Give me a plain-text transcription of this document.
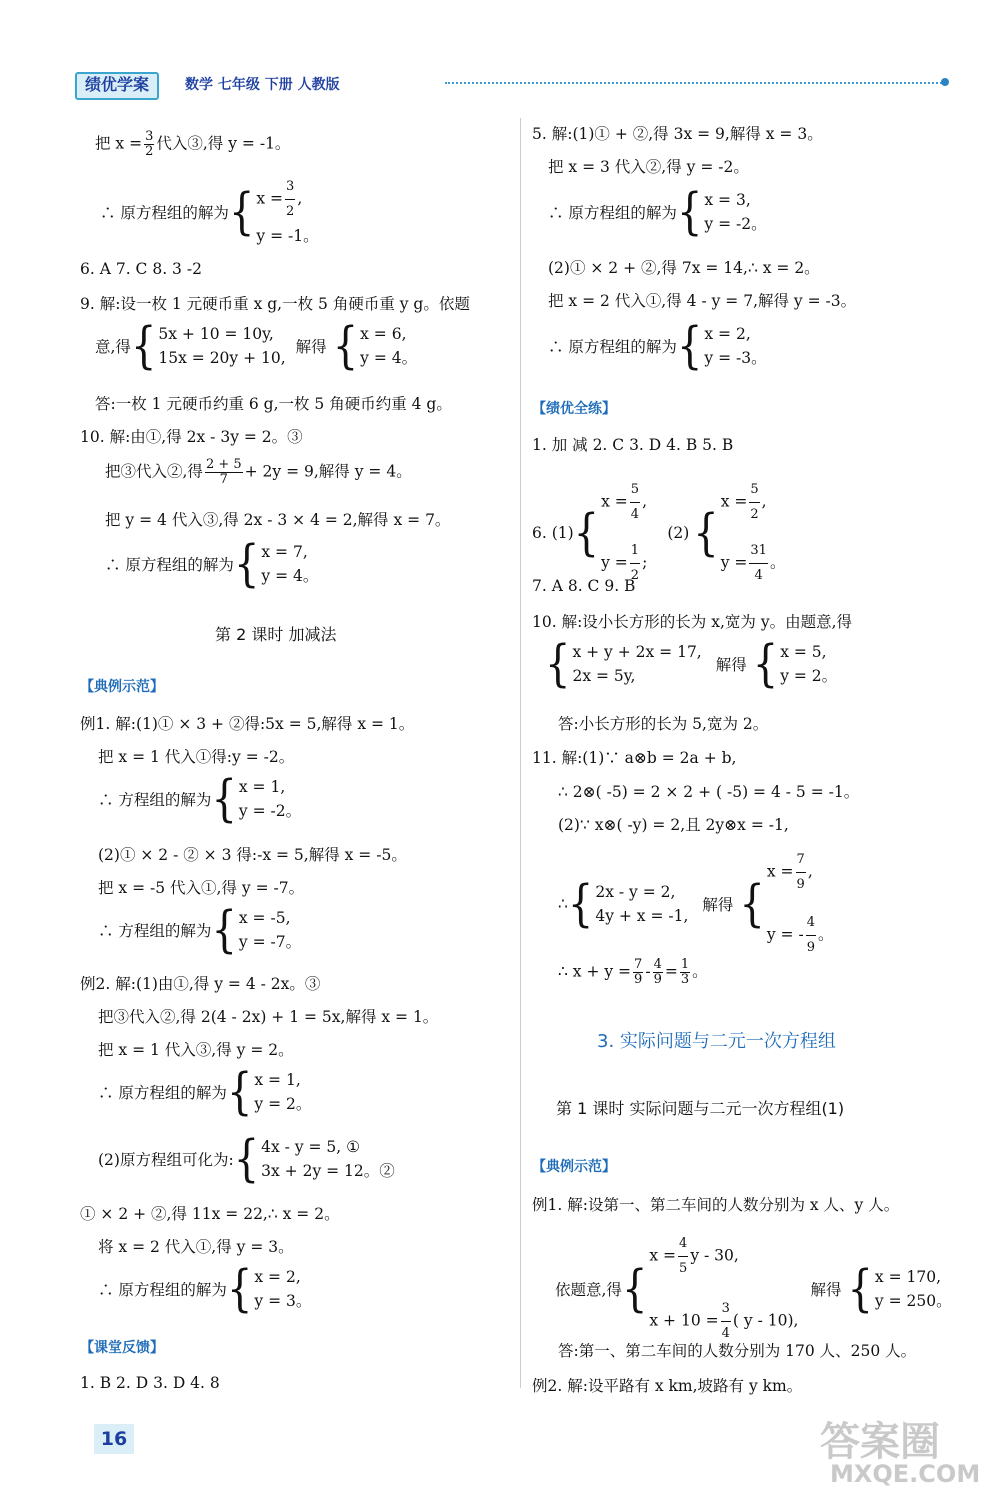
绩优学案	数学 七年级 下册 人教版
把 $x = \frac{3}{2}$ 代入③,得 y = -1。
∴ 原方程组的解为 { $x = \frac{3}{2}$ ,
y = -1。
6. A 7. C 8. 3 -2
9. 解:设一枚 1 元硬币重 x g,一枚 5 角硬币重 y g。依题
意,得 { 5x + 10 = 10y,
15x = 20y + 10,
解得 { x = 6,
y = 4。
答:一枚 1 元硬币约重 6 g,一枚 5 角硬币约重 4 g。
10. 解:由①,得 2x - 3y = 2。③
把③代入②,得 $\frac{2 + 5}{7} + 2y = 9$,解得 y = 4。
把 y = 4 代入③,得 2x - 3 × 4 = 2,解得 x = 7。
∴ 原方程组的解为 { x = 7,
y = 4。
第 2 课时 加减法
【典例示范】
例1. 解:(1)① × 3 + ②得:5x = 5,解得 x = 1。
把 x = 1 代入①得:y = -2。
∴ 方程组的解为 { x = 1,
y = -2。
(2)① × 2 - ② × 3 得:-x = 5,解得 x = -5。
把 x = -5 代入①,得 y = -7。
∴ 方程组的解为 { x = -5,
y = -7。
例2. 解:(1)由①,得 y = 4 - 2x。③
把③代入②,得 2(4 - 2x) + 1 = 5x,解得 x = 1。
把 x = 1 代入③,得 y = 2。
∴ 原方程组的解为 { x = 1,
y = 2。
(2)原方程组可化为: { 4x - y = 5, ①
3x + 2y = 12。②
① × 2 + ②,得 11x = 22,∴ x = 2。
将 x = 2 代入①,得 y = 3。
∴ 原方程组的解为 { x = 2,
y = 3。
【课堂反馈】
1. B 2. D 3. D 4. 8
5. 解:(1)① + ②,得 3x = 9,解得 x = 3。
把 x = 3 代入②,得 y = -2。
∴ 原方程组的解为 { x = 3,
y = -2。
(2)① × 2 + ②,得 7x = 14,∴ x = 2。
把 x = 2 代入①,得 4 - y = 7,解得 y = -3。
∴ 原方程组的解为 { x = 2,
y = -3。
【绩优全练】
1. 加 减 2. C 3. D 4. B 5. B
6. (1) {
$x = \frac{5}{4}$ ,
$y = \frac{1}{2}$ ;
(2) {
$x = \frac{5}{2}$ ,
$y = \frac{31}{4}$ 。
7. A 8. C 9. B
10. 解:设小长方形的长为 x,宽为 y。由题意,得
{ x + y + 2x = 17,
2x = 5y,
解得 { x = 5,
y = 2。
答:小长方形的长为 5,宽为 2。
11. 解:(1)∵ a⊗b = 2a + b,
∴ 2⊗( -5) = 2 × 2 + ( -5) = 4 - 5 = -1。
(2)∵ x⊗( -y) = 2,且 2y⊗x = -1,
∴ { 2x - y = 2,
4y + x = -1,
解得 {
$x = \frac{7}{9}$ ,
y = - $\frac{4}{9}$ 。
∴ $x + y = \frac{7}{9} - \frac{4}{9} = \frac{1}{3}$ 。
3. 实际问题与二元一次方程组
第 1 课时 实际问题与二元一次方程组(1)
【典例示范】
例1. 解:设第一、第二车间的人数分别为 x 人、y 人。
依题意,得 {
$x = \frac{4}{5}$ y - 30,
$x + 10 = \frac{3}{4}$ ( y - 10),
解得 { x = 170,
y = 250。
答:第一、第二车间的人数分别为 170 人、250 人。
例2. 解:设平路有 x km,坡路有 y km。
16	答案圈
MXQE.COM
